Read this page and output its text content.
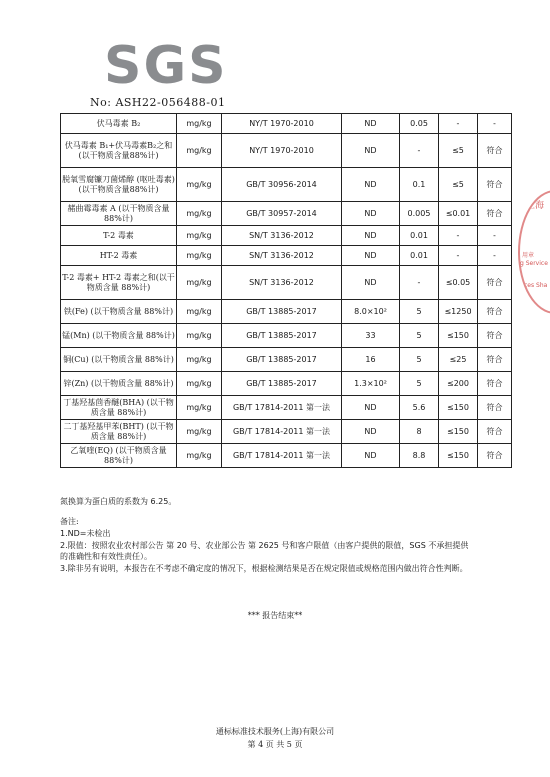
SGS
No: ASH22-056488-01
伏马毒素 B₂	mg/kg	NY/T 1970-2010	ND	0.05	-	-
伏马毒素 B₁+伏马毒素B₂之和(以干物质含量88%计)	mg/kg	NY/T 1970-2010	ND	-	≤5	符合
脱氧雪腐镰刀菌烯醇 (呕吐毒素) (以干物质含量88%计)	mg/kg	GB/T 30956-2014	ND	0.1	≤5	符合
赭曲霉毒素 A (以干物质含量 88%计)	mg/kg	GB/T 30957-2014	ND	0.005	≤0.01	符合
T-2 毒素	mg/kg	SN/T 3136-2012	ND	0.01	-	-
HT-2 毒素	mg/kg	SN/T 3136-2012	ND	0.01	-	-
T-2 毒素+ HT-2 毒素之和(以干物质含量 88%计)	mg/kg	SN/T 3136-2012	ND	-	≤0.05	符合
铁(Fe) (以干物质含量 88%计)	mg/kg	GB/T 13885-2017	8.0×10²	5	≤1250	符合
锰(Mn) (以干物质含量 88%计)	mg/kg	GB/T 13885-2017	33	5	≤150	符合
铜(Cu) (以干物质含量 88%计)	mg/kg	GB/T 13885-2017	16	5	≤25	符合
锌(Zn) (以干物质含量 88%计)	mg/kg	GB/T 13885-2017	1.3×10²	5	≤200	符合
丁基羟基茴香醚(BHA) (以干物质含量 88%计)	mg/kg	GB/T 17814-2011 第一法	ND	5.6	≤150	符合
二丁基羟基甲苯(BHT) (以干物质含量 88%计)	mg/kg	GB/T 17814-2011 第一法	ND	8	≤150	符合
乙氧喹(EQ) (以干物质含量 88%计)	mg/kg	GB/T 17814-2011 第一法	ND	8.8	≤150	符合
氮换算为蛋白质的系数为 6.25。
备注:
1.ND=未检出
2.限值：按照农业农村部公告 第 20 号、农业部公告 第 2625 号和客户限值（由客户提供的限值，SGS 不承担提供的准确性和有效性责任）。
3.除非另有说明，本报告在不考虑不确定度的情况下，根据检测结果是否在规定限值或规格范围内做出符合性判断。
*** 报告结束**
通标标准技术服务(上海)有限公司
第 4 页 共 5 页
上海
用章
g Service
ces Sha
